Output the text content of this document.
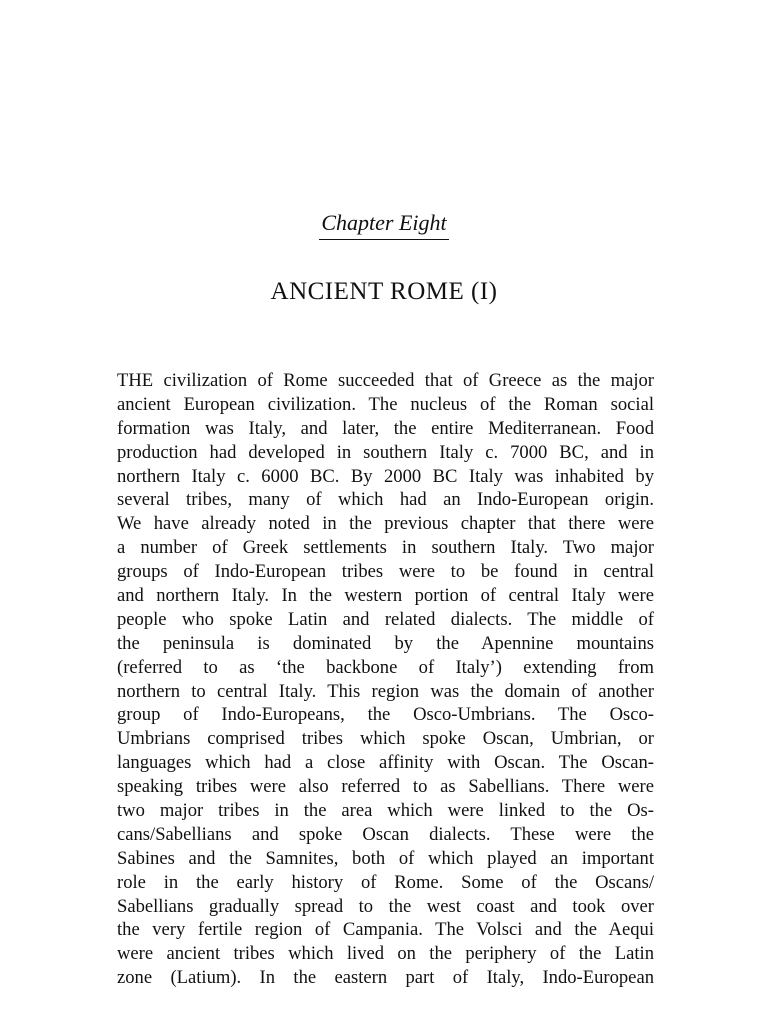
Chapter Eight
ANCIENT ROME (I)
THE civilization of Rome succeeded that of Greece as the major
ancient European civilization. The nucleus of the Roman social
formation was Italy, and later, the entire Mediterranean. Food
production had developed in southern Italy c. 7000 BC, and in
northern Italy c. 6000 BC. By 2000 BC Italy was inhabited by
several tribes, many of which had an Indo-European origin.
We have already noted in the previous chapter that there were
a number of Greek settlements in southern Italy. Two major
groups of Indo-European tribes were to be found in central
and northern Italy. In the western portion of central Italy were
people who spoke Latin and related dialects. The middle of
the peninsula is dominated by the Apennine mountains
(referred to as ‘the backbone of Italy’) extending from
northern to central Italy. This region was the domain of another
group of Indo-Europeans, the Osco-Umbrians. The Osco-
Umbrians comprised tribes which spoke Oscan, Umbrian, or
languages which had a close affinity with Oscan. The Oscan-
speaking tribes were also referred to as Sabellians. There were
two major tribes in the area which were linked to the Os-
cans/Sabellians and spoke Oscan dialects. These were the
Sabines and the Samnites, both of which played an important
role in the early history of Rome. Some of the Oscans/
Sabellians gradually spread to the west coast and took over
the very fertile region of Campania. The Volsci and the Aequi
were ancient tribes which lived on the periphery of the Latin
zone (Latium). In the eastern part of Italy, Indo-European
